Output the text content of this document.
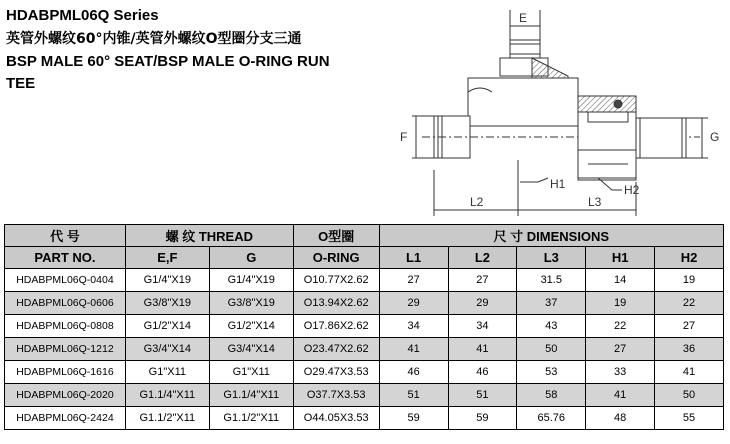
HDABPML06Q Series
英管外螺纹60°内锥/英管外螺纹O型圈分支三通
BSP MALE 60° SEAT/BSP MALE O-RING RUN
TEE
E
F	G
H1	H2
L2	L3
代 号	螺 纹 THREAD		O型圈	尺 寸 DIMENSIONS				
PART NO.	E,F	G	O-RING	L1	L2	L3	H1	H2
HDABPML06Q-0404	G1/4"X19	G1/4"X19	O10.77X2.62	27	27	31.5	14	19
HDABPML06Q-0606	G3/8"X19	G3/8"X19	O13.94X2.62	29	29	37	19	22
HDABPML06Q-0808	G1/2"X14	G1/2"X14	O17.86X2.62	34	34	43	22	27
HDABPML06Q-1212	G3/4"X14	G3/4"X14	O23.47X2.62	41	41	50	27	36
HDABPML06Q-1616	G1"X11	G1"X11	O29.47X3.53	46	46	53	33	41
HDABPML06Q-2020	G1.1/4"X11	G1.1/4"X11	O37.7X3.53	51	51	58	41	50
HDABPML06Q-2424	G1.1/2"X11	G1.1/2"X11	O44.05X3.53	59	59	65.76	48	55
